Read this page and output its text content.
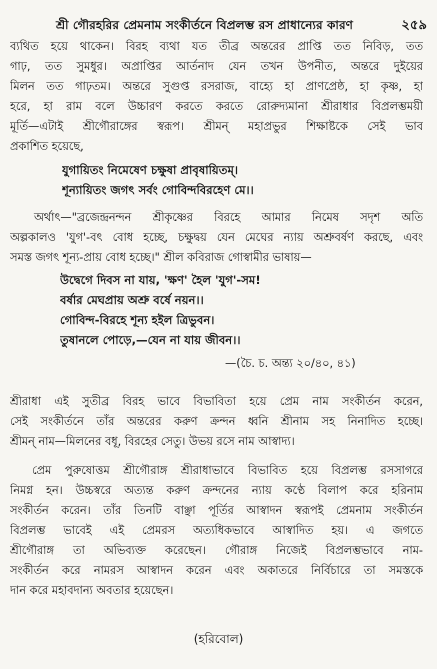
শ্রী গৌরহরির প্রেমনাম সংকীর্তনে বিপ্রলম্ভ রস প্রাধান্যের কারণ	২৫৯
ব্যথিত হয়ে থাকেন। বিরহ ব্যথা যত তীব্র অন্তরের প্রাপ্তি তত নিবিড়, তত
গাঢ়, তত সুমধুর। অপ্রাপ্তির আর্তনাদ যেন তখন উপনীত, অন্তরে দুইয়ের
মিলন তত গাঢ়তম। অন্তরে সুগুপ্ত রসরাজ, বাহ্যে হা প্রাণপ্রেষ্ঠ, হা কৃষ্ণ, হা
হরে, হা রাম বলে উচ্চারণ করতে করতে রোরুদ্যমানা শ্রীরাধার বিপ্রলম্ভময়ী
মূর্তি—এটাই শ্রীগৌরাঙ্গের স্বরূপ। শ্রীমন্ মহাপ্রভুর শিক্ষাষ্টকে সেই ভাব
প্রকাশিত হয়েছে,
যুগায়িতং নিমেষেণ চক্ষুষা প্রাবৃষায়িতম্।
শূন্যায়িতং জগৎ সর্বং গোবিন্দবিরহেণ মে।।
অর্থাৎ—"ব্রজেন্দ্রনন্দন শ্রীকৃষ্ণের বিরহে আমার নিমেষ সদৃশ অতি
অল্পকালও 'যুগ'-বৎ বোধ হচ্ছে, চক্ষুদ্বয় যেন মেঘের ন্যায় অশ্রুবর্ষণ করছে, এবং
সমস্ত জগৎ শূন্য-প্রায় বোধ হচ্ছে।" শ্রীল কবিরাজ গোস্বামীর ভাষায়—
উদ্বেগে দিবস না যায়, 'ক্ষণ' হৈল 'যুগ'-সম!
বর্ষার মেঘপ্রায় অশ্রু বর্ষে নয়ন।।
গোবিন্দ-বিরহে শূন্য হইল ত্রিভুবন।
তুষানলে পোড়ে,—যেন না যায় জীবন।।
—(চৈ. চ. অন্ত্য ২০/৪০, ৪১)
শ্রীরাধা এই সুতীব্র বিরহ ভাবে বিভাবিতা হয়ে প্রেম নাম সংকীর্তন করেন,
সেই সংকীর্তনে তাঁর অন্তরের করুণ ক্রন্দন ধ্বনি শ্রীনাম সহ নিনাদিত হচ্ছে।
শ্রীমন্ নাম—মিলনের বধূ, বিরহের সেতু। উভয় রসে নাম আস্বাদ্য।
প্রেম পুরুষোত্তম শ্রীগৌরাঙ্গ শ্রীরাধাভাবে বিভাবিত হয়ে বিপ্রলম্ভ রসসাগরে
নিমগ্ন হন। উচ্চস্বরে অত্যন্ত করুণ ক্রন্দনের ন্যায় কণ্ঠে বিলাপ করে হরিনাম
সংকীর্তন করেন। তাঁর তিনটি বাঞ্ছা পূর্তির আস্বাদন স্বরূপই প্রেমনাম সংকীর্তন
বিপ্রলম্ভ ভাবেই এই প্রেমরস অত্যধিকভাবে আস্বাদিত হয়। এ জগতে
শ্রীগৌরাঙ্গ তা অভিব্যক্ত করেছেন। গৌরাঙ্গ নিজেই বিপ্রলম্ভভাবে নাম-
সংকীর্তন করে নামরস আস্বাদন করেন এবং অকাতরে নির্বিচারে তা সমস্তকে
দান করে মহাবদান্য অবতার হয়েছেন।
(হরিবোল)
